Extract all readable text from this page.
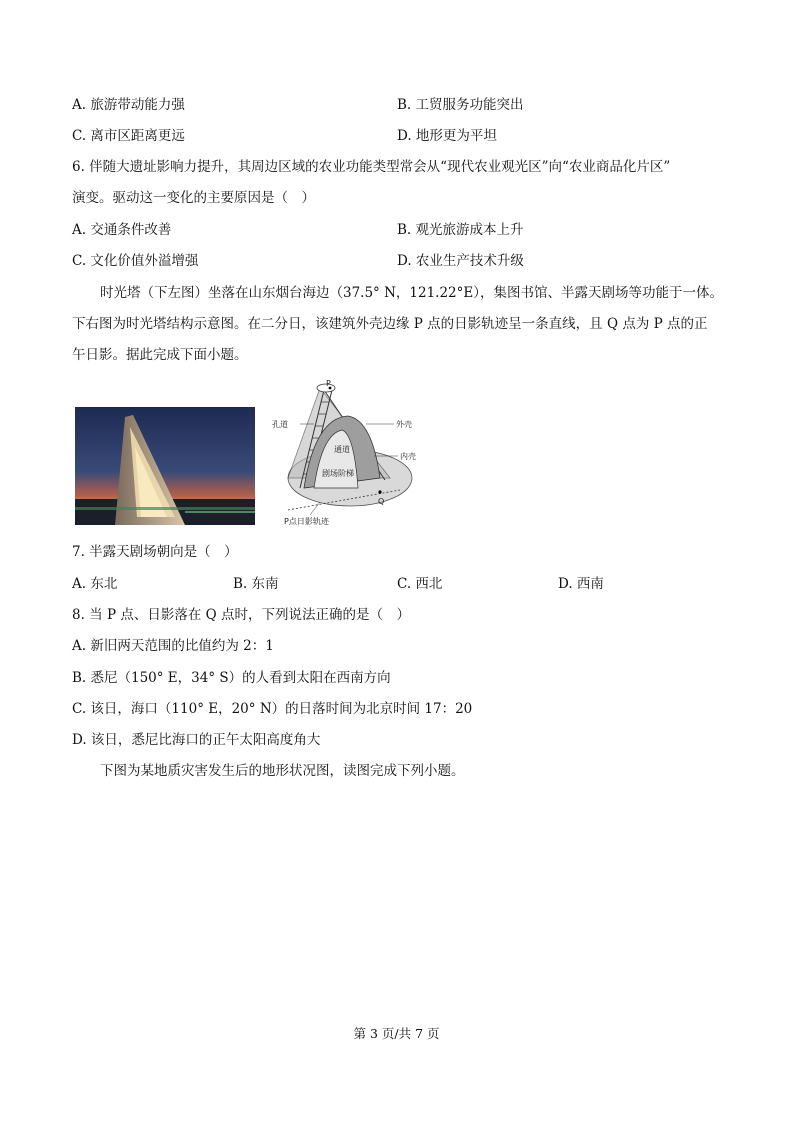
A. 旅游带动能力强	B. 工贸服务功能突出
C. 离市区距离更远	D. 地形更为平坦
6. 伴随大遗址影响力提升，其周边区域的农业功能类型常会从“现代农业观光区”向“农业商品化片区”
演变。驱动这一变化的主要原因是（　）
A. 交通条件改善	B. 观光旅游成本上升
C. 文化价值外溢增强	D. 农业生产技术升级
时光塔（下左图）坐落在山东烟台海边（37.5° N，121.22°E），集图书馆、半露天剧场等功能于一体。
下右图为时光塔结构示意图。在二分日，该建筑外壳边缘 P 点的日影轨迹呈一条直线，且 Q 点为 P 点的正
午日影。据此完成下面小题。
P
孔道	外壳
通道
内壳
剧场阶梯
Q
P点日影轨迹
7. 半露天剧场朝向是（　）
A. 东北	B. 东南	C. 西北	D. 西南
8. 当 P 点、日影落在 Q 点时，下列说法正确的是（　）
A. 新旧两天范围的比值约为 2：1
B. 悉尼（150° E，34° S）的人看到太阳在西南方向
C. 该日，海口（110° E，20° N）的日落时间为北京时间 17：20
D. 该日，悉尼比海口的正午太阳高度角大
下图为某地质灾害发生后的地形状况图，读图完成下列小题。
第 3 页/共 7 页
